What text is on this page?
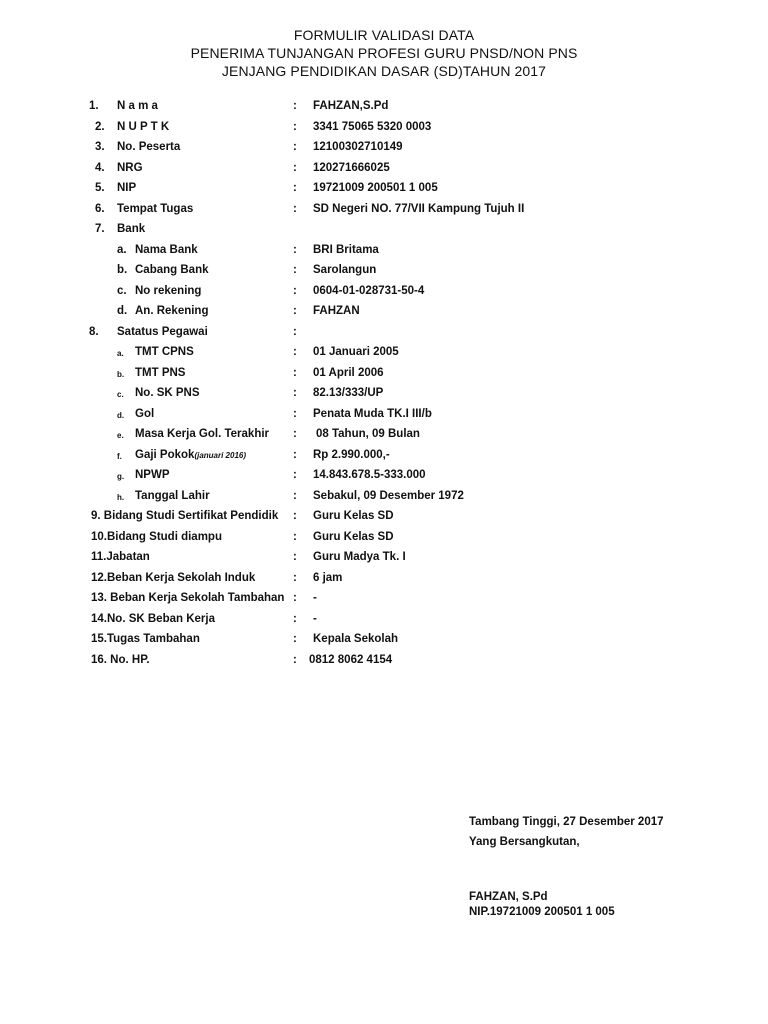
FORMULIR VALIDASI DATA
PENERIMA TUNJANGAN PROFESI GURU PNSD/NON PNS
JENJANG PENDIDIKAN DASAR (SD)TAHUN 2017
1. N a m a	: FAHZAN,S.Pd
2. N U P T K	: 3341 75065 5320 0003
3. No. Peserta	: 12100302710149
4. NRG	: 120271666025
5. NIP	: 19721009 200501 1 005
6. Tempat Tugas	: SD Negeri NO. 77/VII Kampung Tujuh II
7. Bank
a. Nama Bank	: BRI Britama
b. Cabang Bank	: Sarolangun
c. No rekening	: 0604-01-028731-50-4
d. An. Rekening	: FAHZAN
8. Satatus Pegawai	:
a. TMT CPNS	: 01 Januari 2005
b. TMT PNS	: 01 April 2006
c. No. SK PNS	: 82.13/333/UP
d. Gol	: Penata Muda TK.I III/b
e. Masa Kerja Gol. Terakhir : 08 Tahun, 09 Bulan
f. Gaji Pokok(januari 2016)	: Rp 2.990.000,-
g. NPWP	: 14.843.678.5-333.000
h. Tanggal Lahir	: Sebakul, 09 Desember 1972
9. Bidang Studi Sertifikat Pendidik : Guru Kelas SD
10.Bidang Studi diampu	: Guru Kelas SD
11.Jabatan	: Guru Madya Tk. I
12.Beban Kerja Sekolah Induk	: 6 jam
13. Beban Kerja Sekolah Tambahan : -
14.No. SK Beban Kerja	: -
15.Tugas Tambahan	: Kepala Sekolah
16. No. HP.	: 0812 8062 4154
Tambang Tinggi, 27 Desember 2017
Yang Bersangkutan,
FAHZAN, S.Pd
NIP.19721009 200501 1 005
